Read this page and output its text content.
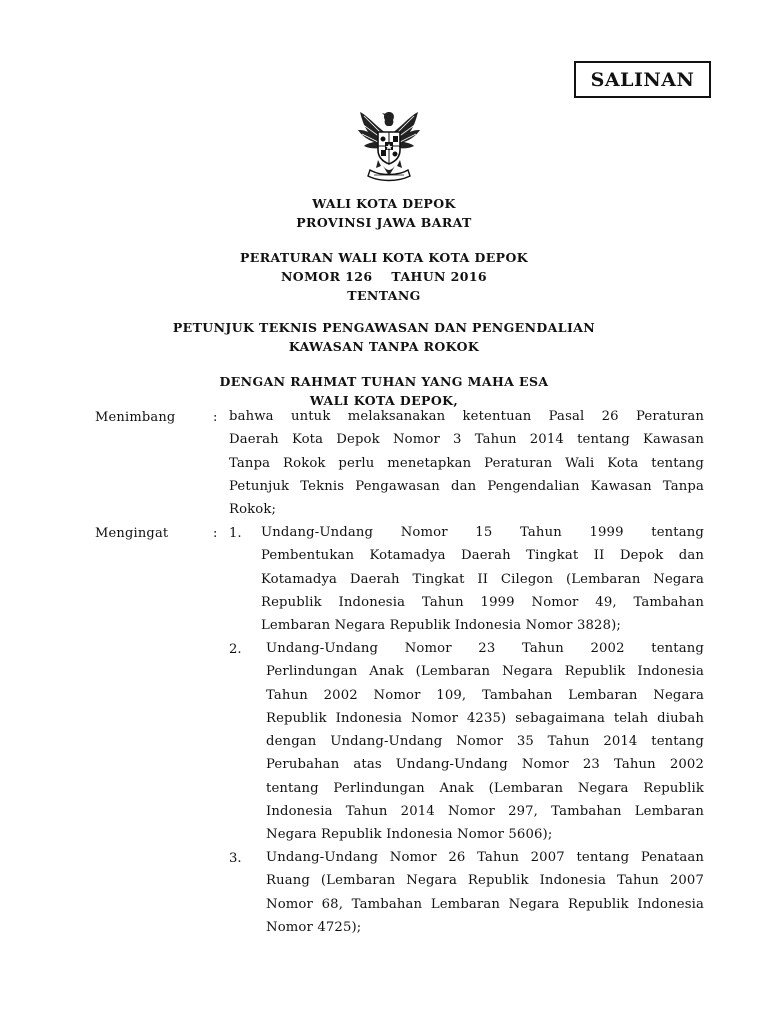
SALINAN
WALI KOTA DEPOK
PROVINSI JAWA BARAT
PERATURAN WALI KOTA KOTA DEPOK
NOMOR 126    TAHUN 2016
TENTANG
PETUNJUK TEKNIS PENGAWASAN DAN PENGENDALIAN
KAWASAN TANPA ROKOK
DENGAN RAHMAT TUHAN YANG MAHA ESA
WALI KOTA DEPOK,
Menimbang	: bahwa untuk melaksanakan ketentuan Pasal 26 Peraturan
Daerah Kota Depok Nomor 3 Tahun 2014 tentang Kawasan
Tanpa Rokok perlu menetapkan Peraturan Wali Kota tentang
Petunjuk Teknis Pengawasan dan Pengendalian Kawasan Tanpa
Rokok;
Mengingat	: 1. Undang-Undang Nomor 15 Tahun 1999 tentang
Pembentukan Kotamadya Daerah Tingkat II Depok dan
Kotamadya Daerah Tingkat II Cilegon (Lembaran Negara
Republik Indonesia Tahun 1999 Nomor 49, Tambahan
Lembaran Negara Republik Indonesia Nomor 3828);
2. Undang-Undang Nomor 23 Tahun 2002 tentang
Perlindungan Anak (Lembaran Negara Republik Indonesia
Tahun 2002 Nomor 109, Tambahan Lembaran Negara
Republik Indonesia Nomor 4235) sebagaimana telah diubah
dengan Undang-Undang Nomor 35 Tahun 2014 tentang
Perubahan atas Undang-Undang Nomor 23 Tahun 2002
tentang Perlindungan Anak (Lembaran Negara Republik
Indonesia Tahun 2014 Nomor 297, Tambahan Lembaran
Negara Republik Indonesia Nomor 5606);
3. Undang-Undang Nomor 26 Tahun 2007 tentang Penataan
Ruang (Lembaran Negara Republik Indonesia Tahun 2007
Nomor 68, Tambahan Lembaran Negara Republik Indonesia
Nomor 4725);
